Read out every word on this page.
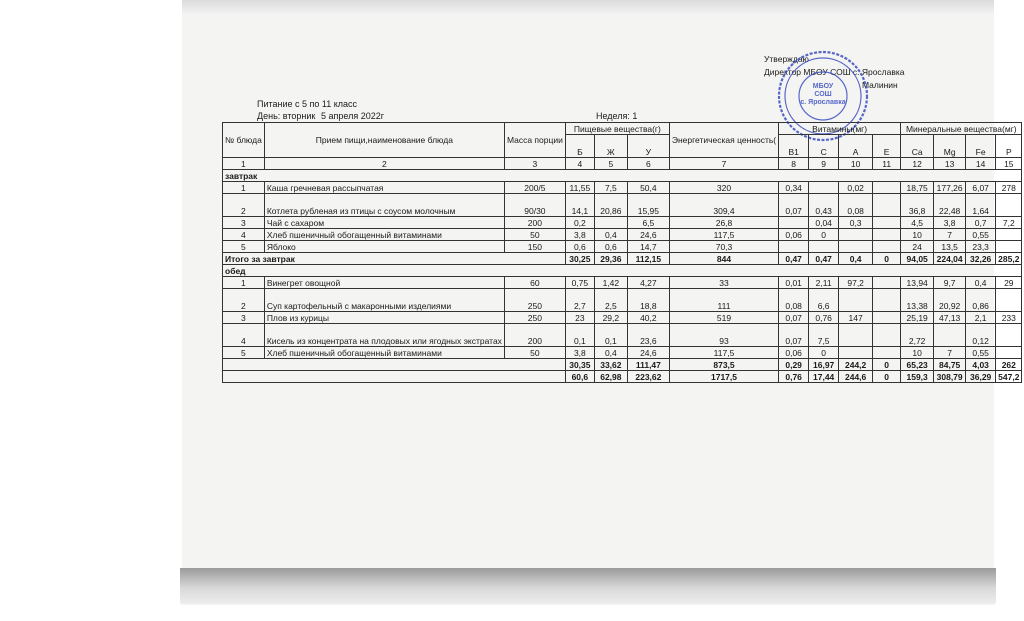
Питание с 5 по 11 класс
День: вторник 5 апреля 2022г	Неделя: 1
Утверждаю
Директор МБОУ СОШ с. Ярославка
Малинин
МБОУ
СОШ
с. Ярославка
№ блюда	Прием пищи,наименование блюда	Масса порции	Пищевые вещества(г)			Энергетическая ценность(	Витамины(мг)				Минеральные вещества(мг)			
			Б	Ж	У		В1	С	А	Е	Ca	Mg	Fe	Р
1	2	3	4	5	6	7	8	9	10	11	12	13	14	15
завтрак														
1	Каша гречневая рассыпчатая	200/5	11,55	7,5	50,4	320	0,34		0,02		18,75	177,26	6,07	278
2	Котлета рубленая из птицы с соусом молочным	90/30	14,1	20,86	15,95	309,4	0,07	0,43	0,08		36,8	22,48	1,64	
3	Чай с сахаром	200	0,2		6,5	26,8		0,04	0,3		4,5	3,8	0,7	7,2
4	Хлеб пшеничный обогащенный витаминами	50	3,8	0,4	24,6	117,5	0,06	0			10	7	0,55	
5	Яблоко	150	0,6	0,6	14,7	70,3					24	13,5	23,3	
Итого за завтрак			30,25	29,36	112,15	844	0,47	0,47	0,4	0	94,05	224,04	32,26	285,2
обед														
1	Винегрет овощной	60	0,75	1,42	4,27	33	0,01	2,11	97,2		13,94	9,7	0,4	29
2	Суп картофельный с макаронными изделиями	250	2,7	2,5	18,8	111	0,08	6,6			13,38	20,92	0,86	
3	Плов из курицы	250	23	29,2	40,2	519	0,07	0,76	147		25,19	47,13	2,1	233
4	Кисель из концентрата на плодовых или ягодных экстратах	200	0,1	0,1	23,6	93	0,07	7,5			2,72		0,12	
5	Хлеб пшеничный обогащенный витаминами	50	3,8	0,4	24,6	117,5	0,06	0			10	7	0,55	
			30,35	33,62	111,47	873,5	0,29	16,97	244,2	0	65,23	84,75	4,03	262
			60,6	62,98	223,62	1717,5	0,76	17,44	244,6	0	159,3	308,79	36,29	547,2
